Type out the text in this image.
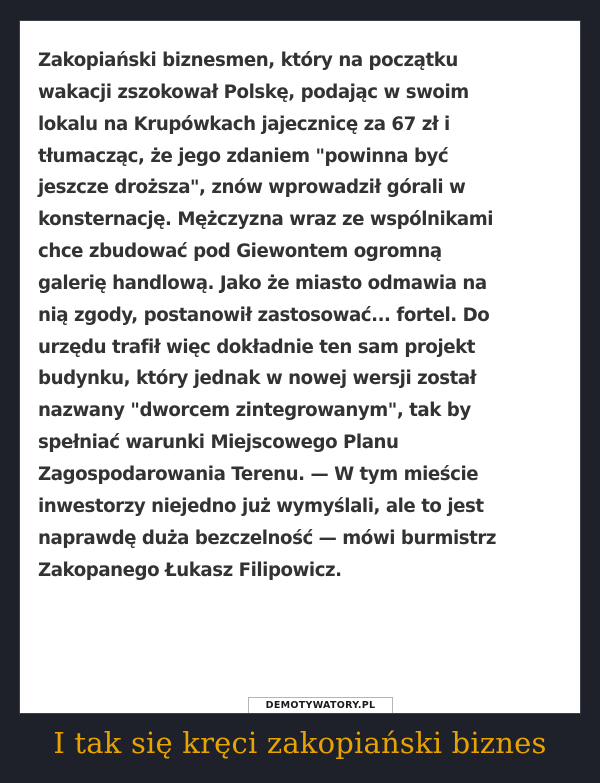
Zakopiański biznesmen, który na początku
wakacji zszokował Polskę, podając w swoim
lokalu na Krupówkach jajecznicę za 67 zł i
tłumacząc, że jego zdaniem "powinna być
jeszcze droższa", znów wprowadził górali w
konsternację. Mężczyzna wraz ze wspólnikami
chce zbudować pod Giewontem ogromną
galerię handlową. Jako że miasto odmawia na
nią zgody, postanowił zastosować... fortel. Do
urzędu trafił więc dokładnie ten sam projekt
budynku, który jednak w nowej wersji został
nazwany "dworcem zintegrowanym", tak by
spełniać warunki Miejscowego Planu
Zagospodarowania Terenu. — W tym mieście
inwestorzy niejedno już wymyślali, ale to jest
naprawdę duża bezczelność — mówi burmistrz
Zakopanego Łukasz Filipowicz.

DEMOTYWATORY.PL
I tak się kręci zakopiański biznes
